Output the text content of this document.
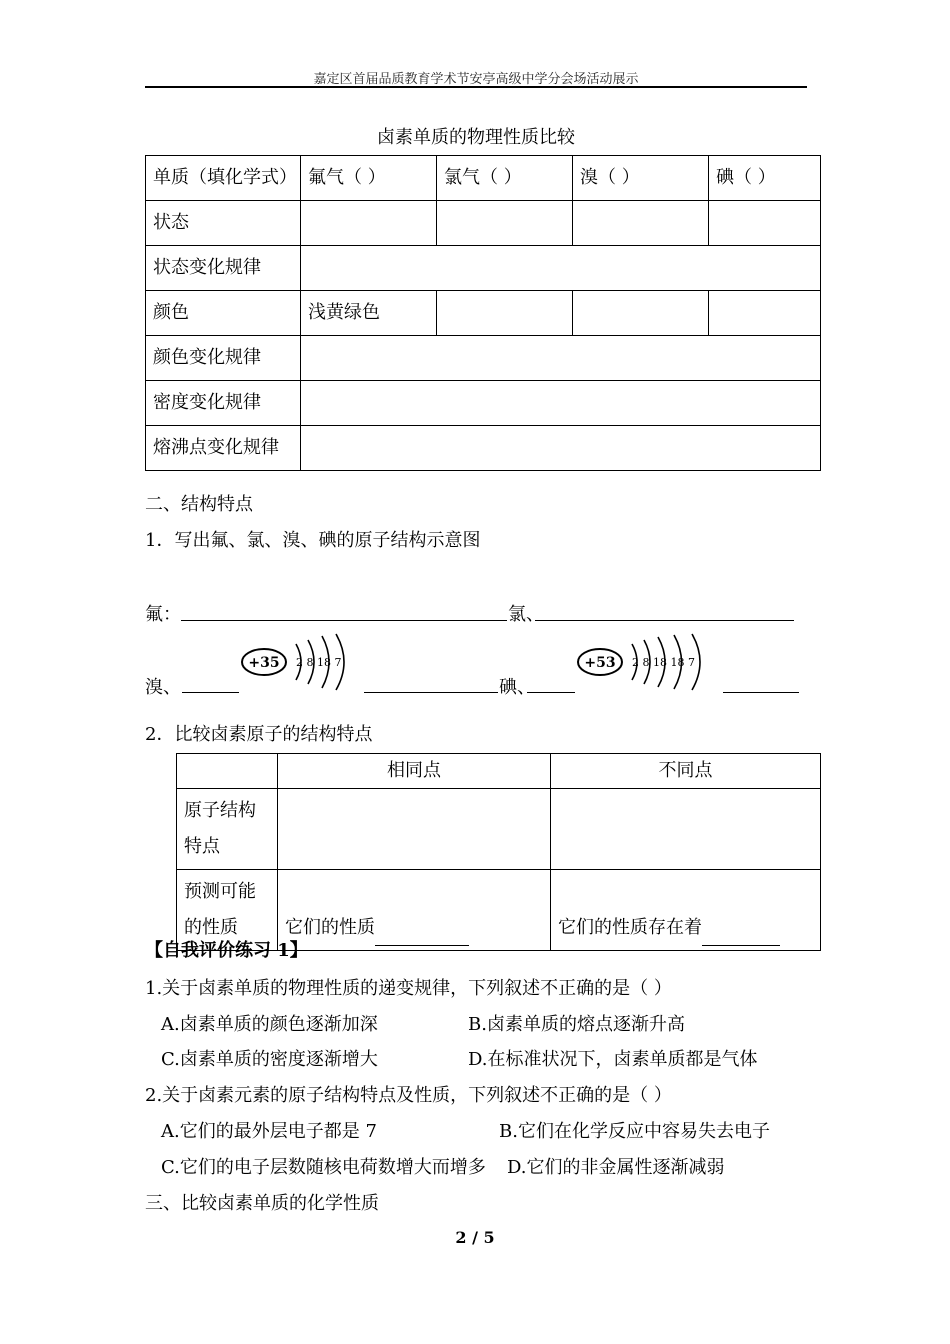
嘉定区首届品质教育学术节安亭高级中学分会场活动展示
卤素单质的物理性质比较
单质（填化学式）	氟气（ ）	氯气（ ）	溴（ ）	碘（ ）
状态				
状态变化规律				
颜色	浅黄绿色			
颜色变化规律				
密度变化规律				
熔沸点变化规律				
二、结构特点
1．写出氟、氯、溴、碘的原子结构示意图
氟：	氯、
溴、
+35 2 8 18 7
碘、
+53 2 8 18 18 7
2．比较卤素原子的结构特点
	相同点	不同点
原子结构特点		
预测可能的性质	它们的性质	它们的性质存在着
【自我评价练习 1】
1.关于卤素单质的物理性质的递变规律，下列叙述不正确的是（ ）
A.卤素单质的颜色逐渐加深	B.卤素单质的熔点逐渐升高
C.卤素单质的密度逐渐增大	D.在标准状况下，卤素单质都是气体
2.关于卤素元素的原子结构特点及性质，下列叙述不正确的是（ ）
A.它们的最外层电子都是 7	B.它们在化学反应中容易失去电子
C.它们的电子层数随核电荷数增大而增多 D.它们的非金属性逐渐减弱
三、比较卤素单质的化学性质
2 / 5
